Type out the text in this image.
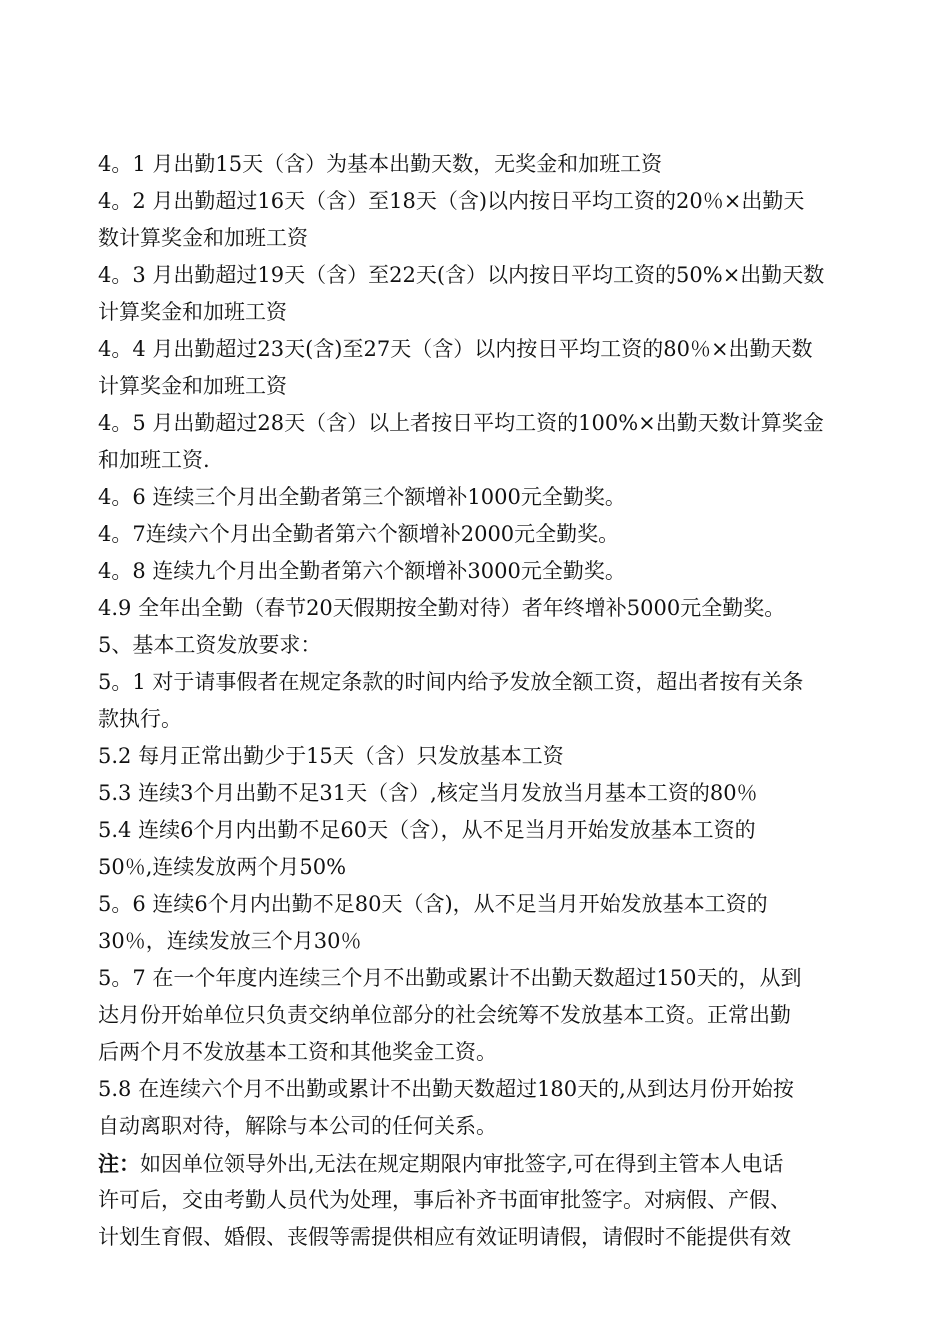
4。1 月出勤15天（含）为基本出勤天数，无奖金和加班工资
4。2 月出勤超过16天（含）至18天（含)以内按日平均工资的20％×出勤天
数计算奖金和加班工资
4。3 月出勤超过19天（含）至22天(含）以内按日平均工资的50%×出勤天数
计算奖金和加班工资
4。4 月出勤超过23天(含)至27天（含）以内按日平均工资的80％×出勤天数
计算奖金和加班工资
4。5 月出勤超过28天（含）以上者按日平均工资的100%×出勤天数计算奖金
和加班工资.
4。6 连续三个月出全勤者第三个额增补1000元全勤奖。
4。7连续六个月出全勤者第六个额增补2000元全勤奖。
4。8 连续九个月出全勤者第六个额增补3000元全勤奖。
4.9 全年出全勤（春节20天假期按全勤对待）者年终增补5000元全勤奖。
5、基本工资发放要求：
5。1 对于请事假者在规定条款的时间内给予发放全额工资，超出者按有关条
款执行。
5.2 每月正常出勤少于15天（含）只发放基本工资
5.3 连续3个月出勤不足31天（含）,核定当月发放当月基本工资的80％
5.4 连续6个月内出勤不足60天（含），从不足当月开始发放基本工资的
50％,连续发放两个月50%
5。6 连续6个月内出勤不足80天（含)，从不足当月开始发放基本工资的
30％，连续发放三个月30％
5。7 在一个年度内连续三个月不出勤或累计不出勤天数超过150天的，从到
达月份开始单位只负责交纳单位部分的社会统筹不发放基本工资。正常出勤
后两个月不发放基本工资和其他奖金工资。
5.8 在连续六个月不出勤或累计不出勤天数超过180天的,从到达月份开始按
自动离职对待，解除与本公司的任何关系。
注：如因单位领导外出,无法在规定期限内审批签字,可在得到主管本人电话
许可后，交由考勤人员代为处理，事后补齐书面审批签字。对病假、产假、
计划生育假、婚假、丧假等需提供相应有效证明请假，请假时不能提供有效
